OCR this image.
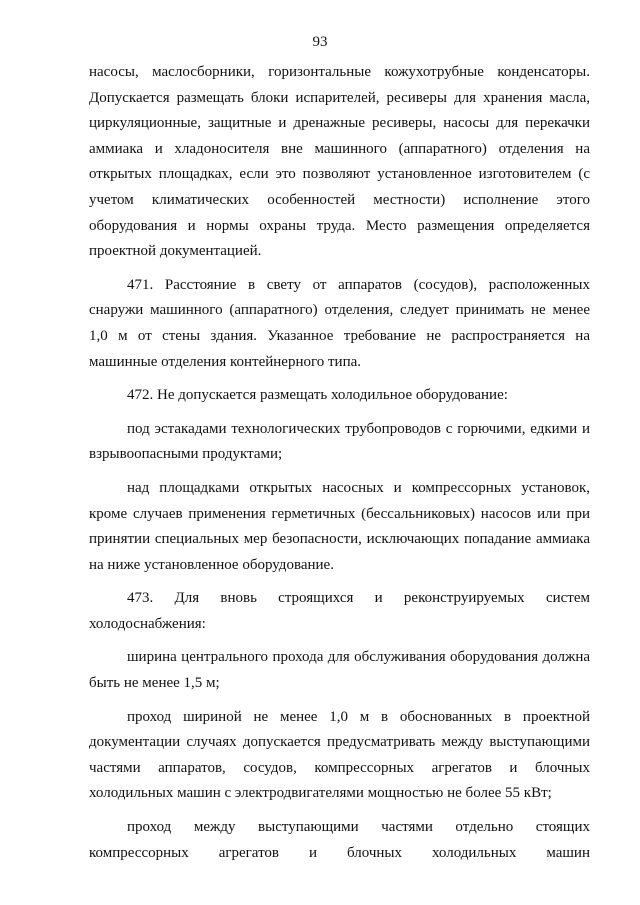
93

насосы, маслосборники, горизонтальные кожухотрубные конденсаторы. Допускается размещать блоки испарителей, ресиверы для хранения масла, циркуляционные, защитные и дренажные ресиверы, насосы для перекачки аммиака и хладоносителя вне машинного (аппаратного) отделения на открытых площадках, если это позволяют установленное изготовителем (с учетом климатических особенностей местности) исполнение этого оборудования и нормы охраны труда. Место размещения определяется проектной документацией.

471. Расстояние в свету от аппаратов (сосудов), расположенных снаружи машинного (аппаратного) отделения, следует принимать не менее 1,0 м от стены здания. Указанное требование не распространяется на машинные отделения контейнерного типа.

472. Не допускается размещать холодильное оборудование:

под эстакадами технологических трубопроводов с горючими, едкими и взрывоопасными продуктами;

над площадками открытых насосных и компрессорных установок, кроме случаев применения герметичных (бессальниковых) насосов или при принятии специальных мер безопасности, исключающих попадание аммиака на ниже установленное оборудование.

473. Для вновь строящихся и реконструируемых систем холодоснабжения:

ширина центрального прохода для обслуживания оборудования должна быть не менее 1,5 м;

проход шириной не менее 1,0 м в обоснованных в проектной документации случаях допускается предусматривать между выступающими частями аппаратов, сосудов, компрессорных агрегатов и блочных холодильных машин с электродвигателями мощностью не более 55 кВт;

проход между выступающими частями отдельно стоящих компрессорных агрегатов и блочных холодильных машин
